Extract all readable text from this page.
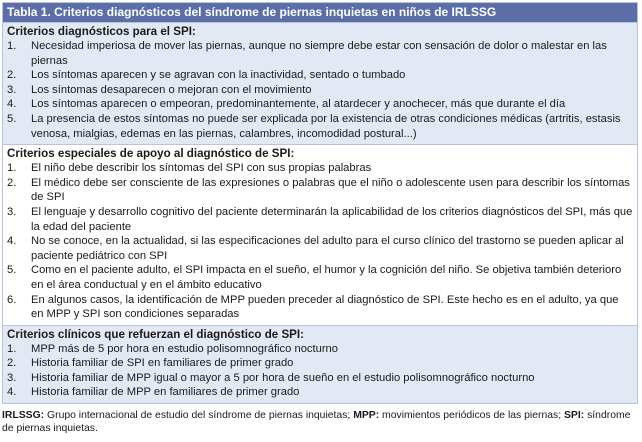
Tabla 1. Criterios diagnósticos del síndrome de piernas inquietas en niños de IRLSSG
Criterios diagnósticos para el SPI:
1. Necesidad imperiosa de mover las piernas, aunque no siempre debe estar con sensación de dolor o malestar en las piernas
2. Los síntomas aparecen y se agravan con la inactividad, sentado o tumbado
3. Los síntomas desaparecen o mejoran con el movimiento
4. Los síntomas aparecen o empeoran, predominantemente, al atardecer y anochecer, más que durante el día
5. La presencia de estos síntomas no puede ser explicada por la existencia de otras condiciones médicas (artritis, estasis venosa, mialgias, edemas en las piernas, calambres, incomodidad postural...)
Criterios especiales de apoyo al diagnóstico de SPI:
1. El niño debe describir los síntomas del SPI con sus propias palabras
2. El médico debe ser consciente de las expresiones o palabras que el niño o adolescente usen para describir los síntomas de SPI
3. El lenguaje y desarrollo cognitivo del paciente determinarán la aplicabilidad de los criterios diagnósticos del SPI, más que la edad del paciente
4. No se conoce, en la actualidad, si las especificaciones del adulto para el curso clínico del trastorno se pueden aplicar al paciente pediátrico con SPI
5. Como en el paciente adulto, el SPI impacta en el sueño, el humor y la cognición del niño. Se objetiva también deterioro en el área conductual y en el ámbito educativo
6. En algunos casos, la identificación de MPP pueden preceder al diagnóstico de SPI. Este hecho es en el adulto, ya que en MPP y SPI son condiciones separadas
Criterios clínicos que refuerzan el diagnóstico de SPI:
1. MPP más de 5 por hora en estudio polisomnográfico nocturno
2. Historia familiar de SPI en familiares de primer grado
3. Historia familiar de MPP igual o mayor a 5 por hora de sueño en el estudio polisomnográfico nocturno
4. Historia familiar de MPP en familiares de primer grado
IRLSSG: Grupo internacional de estudio del síndrome de piernas inquietas; MPP: movimientos periódicos de las piernas; SPI: síndrome de piernas inquietas.
